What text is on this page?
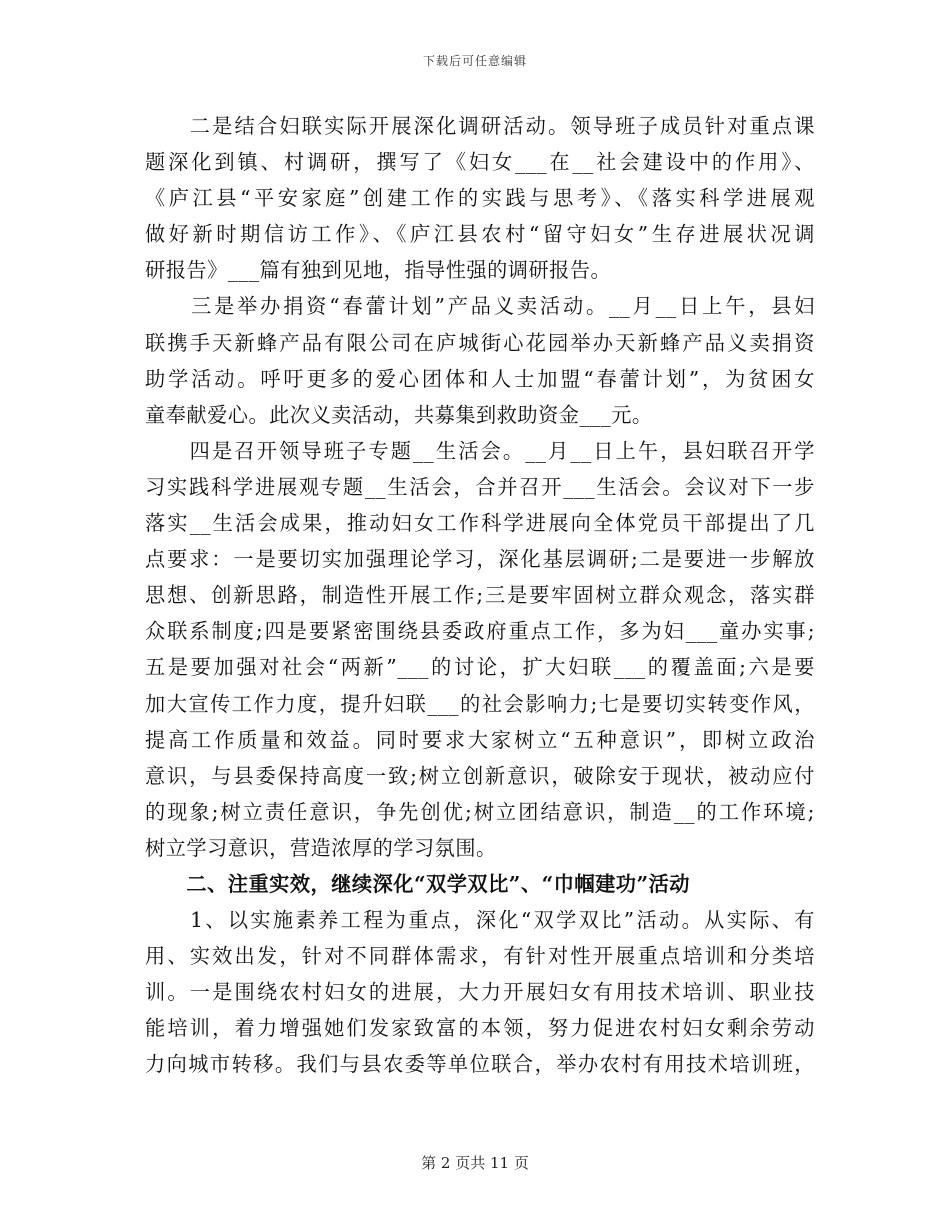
下载后可任意编辑
　　二是结合妇联实际开展深化调研活动。领导班子成员针对重点课
题深化到镇、村调研，撰写了《妇女___在__社会建设中的作用》、
《庐江县“平安家庭”创建工作的实践与思考》、《落实科学进展观
做好新时期信访工作》、《庐江县农村“留守妇女”生存进展状况调
研报告》___篇有独到见地，指导性强的调研报告。
　　三是举办捐资“春蕾计划”产品义卖活动。__月__日上午，县妇
联携手天新蜂产品有限公司在庐城街心花园举办天新蜂产品义卖捐资
助学活动。呼吁更多的爱心团体和人士加盟“春蕾计划”，为贫困女
童奉献爱心。此次义卖活动，共募集到救助资金___元。
　　四是召开领导班子专题__生活会。__月__日上午，县妇联召开学
习实践科学进展观专题__生活会，合并召开___生活会。会议对下一步
落实__生活会成果，推动妇女工作科学进展向全体党员干部提出了几
点要求：一是要切实加强理论学习，深化基层调研;二是要进一步解放
思想、创新思路，制造性开展工作;三是要牢固树立群众观念，落实群
众联系制度;四是要紧密围绕县委政府重点工作，多为妇___童办实事;
五是要加强对社会“两新”___的讨论，扩大妇联___的覆盖面;六是要
加大宣传工作力度，提升妇联___的社会影响力;七是要切实转变作风，
提高工作质量和效益。同时要求大家树立“五种意识”，即树立政治
意识，与县委保持高度一致;树立创新意识，破除安于现状，被动应付
的现象;树立责任意识，争先创优;树立团结意识，制造__的工作环境;
树立学习意识，营造浓厚的学习氛围。
　　二、注重实效，继续深化“双学双比”、“巾帼建功”活动
　　1、以实施素养工程为重点，深化“双学双比”活动。从实际、有
用、实效出发，针对不同群体需求，有针对性开展重点培训和分类培
训。一是围绕农村妇女的进展，大力开展妇女有用技术培训、职业技
能培训，着力增强她们发家致富的本领，努力促进农村妇女剩余劳动
力向城市转移。我们与县农委等单位联合，举办农村有用技术培训班，
第 2 页共 11 页
